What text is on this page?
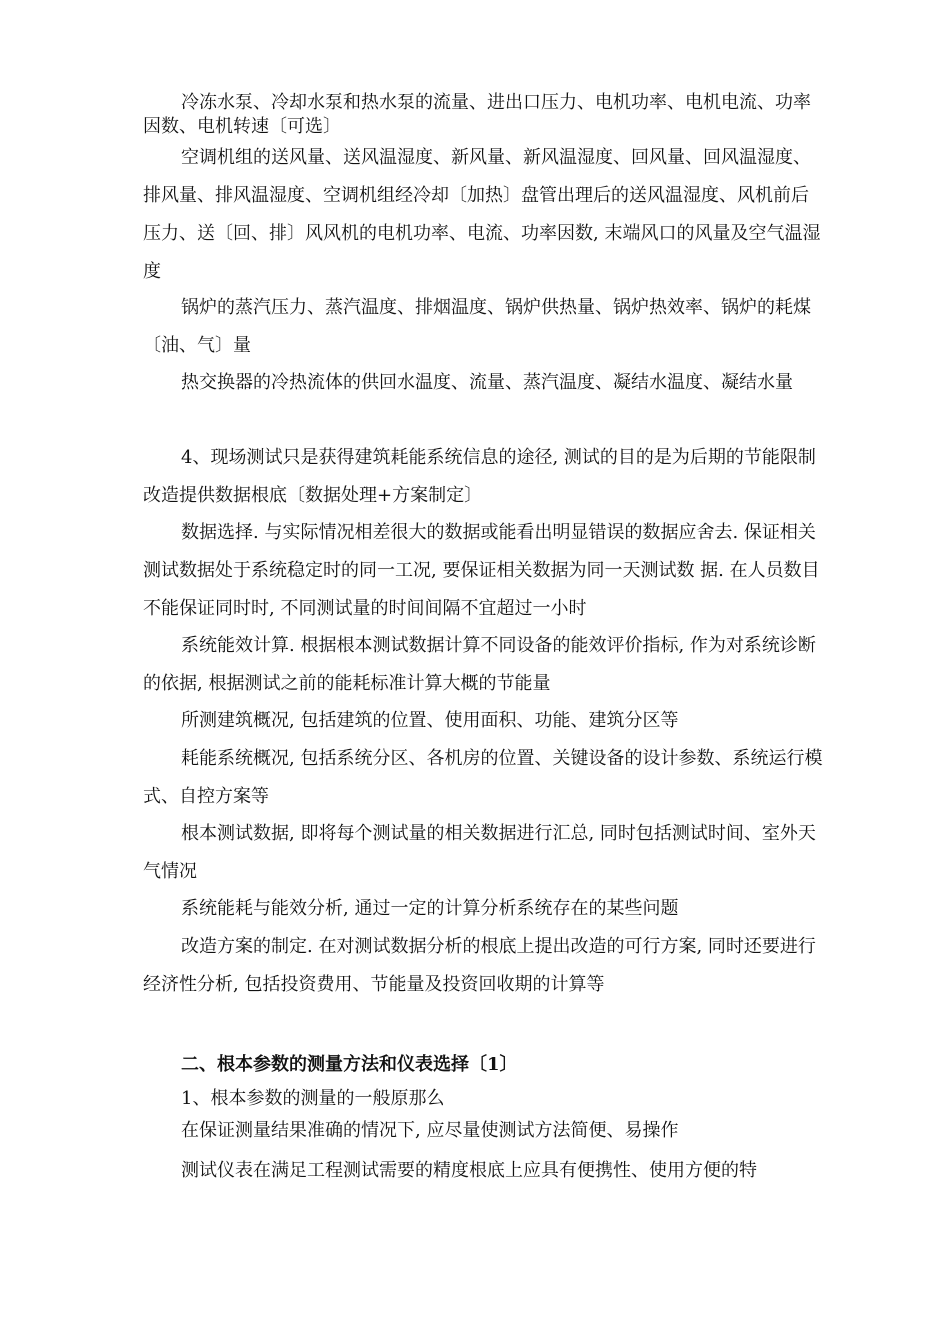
冷冻水泵、冷却水泵和热水泵的流量、进出口压力、电机功率、电机电流、功率因数、电机转速〔可选〕

空调机组的送风量、送风温湿度、新风量、新风温湿度、回风量、回风温湿度、排风量、排风温湿度、空调机组经冷却〔加热〕盘管出理后的送风温湿度、风机前后压力、送〔回、排〕风风机的电机功率、电流、功率因数, 末端风口的风量及空气温湿度

锅炉的蒸汽压力、蒸汽温度、排烟温度、锅炉供热量、锅炉热效率、锅炉的耗煤〔油、气〕量

热交换器的冷热流体的供回水温度、流量、蒸汽温度、凝结水温度、凝结水量

4、现场测试只是获得建筑耗能系统信息的途径, 测试的目的是为后期的节能限制改造提供数据根底〔数据处理+方案制定〕

数据选择. 与实际情况相差很大的数据或能看出明显错误的数据应舍去. 保证相关测试数据处于系统稳定时的同一工况, 要保证相关数据为同一天测试数 据. 在人员数目不能保证同时时, 不同测试量的时间间隔不宜超过一小时

系统能效计算. 根据根本测试数据计算不同设备的能效评价指标, 作为对系统诊断的依据, 根据测试之前的能耗标准计算大概的节能量

所测建筑概况, 包括建筑的位置、使用面积、功能、建筑分区等

耗能系统概况, 包括系统分区、各机房的位置、关键设备的设计参数、系统运行模式、自控方案等

根本测试数据, 即将每个测试量的相关数据进行汇总, 同时包括测试时间、室外天气情况

系统能耗与能效分析, 通过一定的计算分析系统存在的某些问题

改造方案的制定. 在对测试数据分析的根底上提出改造的可行方案, 同时还要进行经济性分析, 包括投资费用、节能量及投资回收期的计算等

二、根本参数的测量方法和仪表选择〔1〕

1、根本参数的测量的一般原那么

在保证测量结果准确的情况下, 应尽量使测试方法简便、易操作

测试仪表在满足工程测试需要的精度根底上应具有便携性、使用方便的特
